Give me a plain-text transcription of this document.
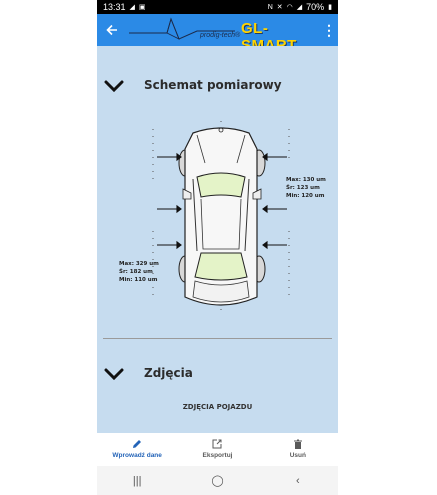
13:31 ◢ ▣	Ν ✕ ◠ ◢ 70% ▮
prodig-tech® GL-	⋮
Schemat pomiarowy
Max: 130 um
Śr: 123 um
Min: 120 um
Max: 329 um
Śr: 182 um
Min: 110 um
Zdjęcia
ZDJĘCIA POJAZDU
Wprowadź dane	Eksportuj	Usuń
|||	◯	‹
